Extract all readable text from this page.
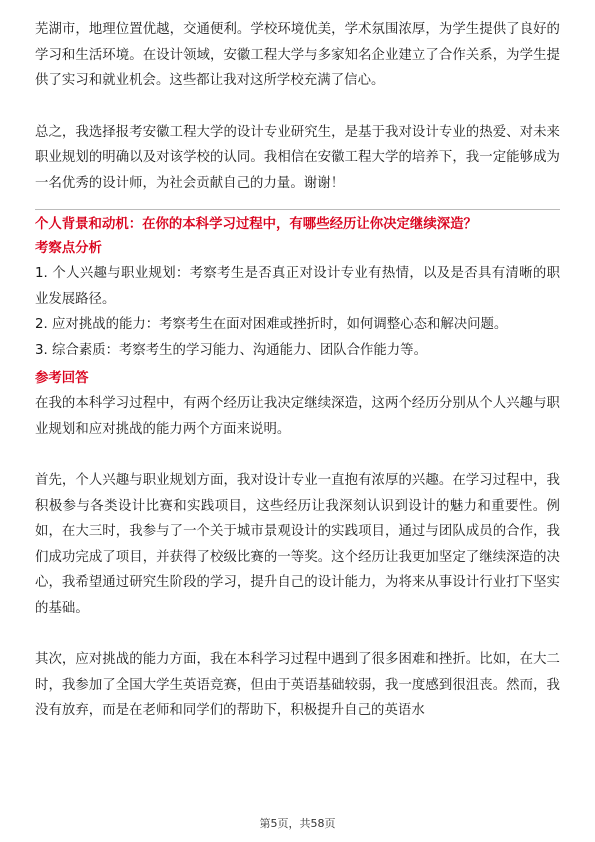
芜湖市，地理位置优越，交通便利。学校环境优美，学术氛围浓厚，为学生提供了良好的学习和生活环境。在设计领域，安徽工程大学与多家知名企业建立了合作关系，为学生提供了实习和就业机会。这些都让我对这所学校充满了信心。

总之，我选择报考安徽工程大学的设计专业研究生，是基于我对设计专业的热爱、对未来职业规划的明确以及对该学校的认同。我相信在安徽工程大学的培养下，我一定能够成为一名优秀的设计师，为社会贡献自己的力量。谢谢！

个人背景和动机：在你的本科学习过程中，有哪些经历让你决定继续深造？
考察点分析
1. 个人兴趣与职业规划：考察考生是否真正对设计专业有热情，以及是否具有清晰的职业发展路径。
2. 应对挑战的能力：考察考生在面对困难或挫折时，如何调整心态和解决问题。
3. 综合素质：考察考生的学习能力、沟通能力、团队合作能力等。
参考回答

在我的本科学习过程中，有两个经历让我决定继续深造，这两个经历分别从个人兴趣与职业规划和应对挑战的能力两个方面来说明。

首先，个人兴趣与职业规划方面，我对设计专业一直抱有浓厚的兴趣。在学习过程中，我积极参与各类设计比赛和实践项目，这些经历让我深刻认识到设计的魅力和重要性。例如，在大三时，我参与了一个关于城市景观设计的实践项目，通过与团队成员的合作，我们成功完成了项目，并获得了校级比赛的一等奖。这个经历让我更加坚定了继续深造的决心，我希望通过研究生阶段的学习，提升自己的设计能力，为将来从事设计行业打下坚实的基础。

其次，应对挑战的能力方面，我在本科学习过程中遇到了很多困难和挫折。比如，在大二时，我参加了全国大学生英语竞赛，但由于英语基础较弱，我一度感到很沮丧。然而，我没有放弃，而是在老师和同学们的帮助下，积极提升自己的英语水

第5页，共58页
